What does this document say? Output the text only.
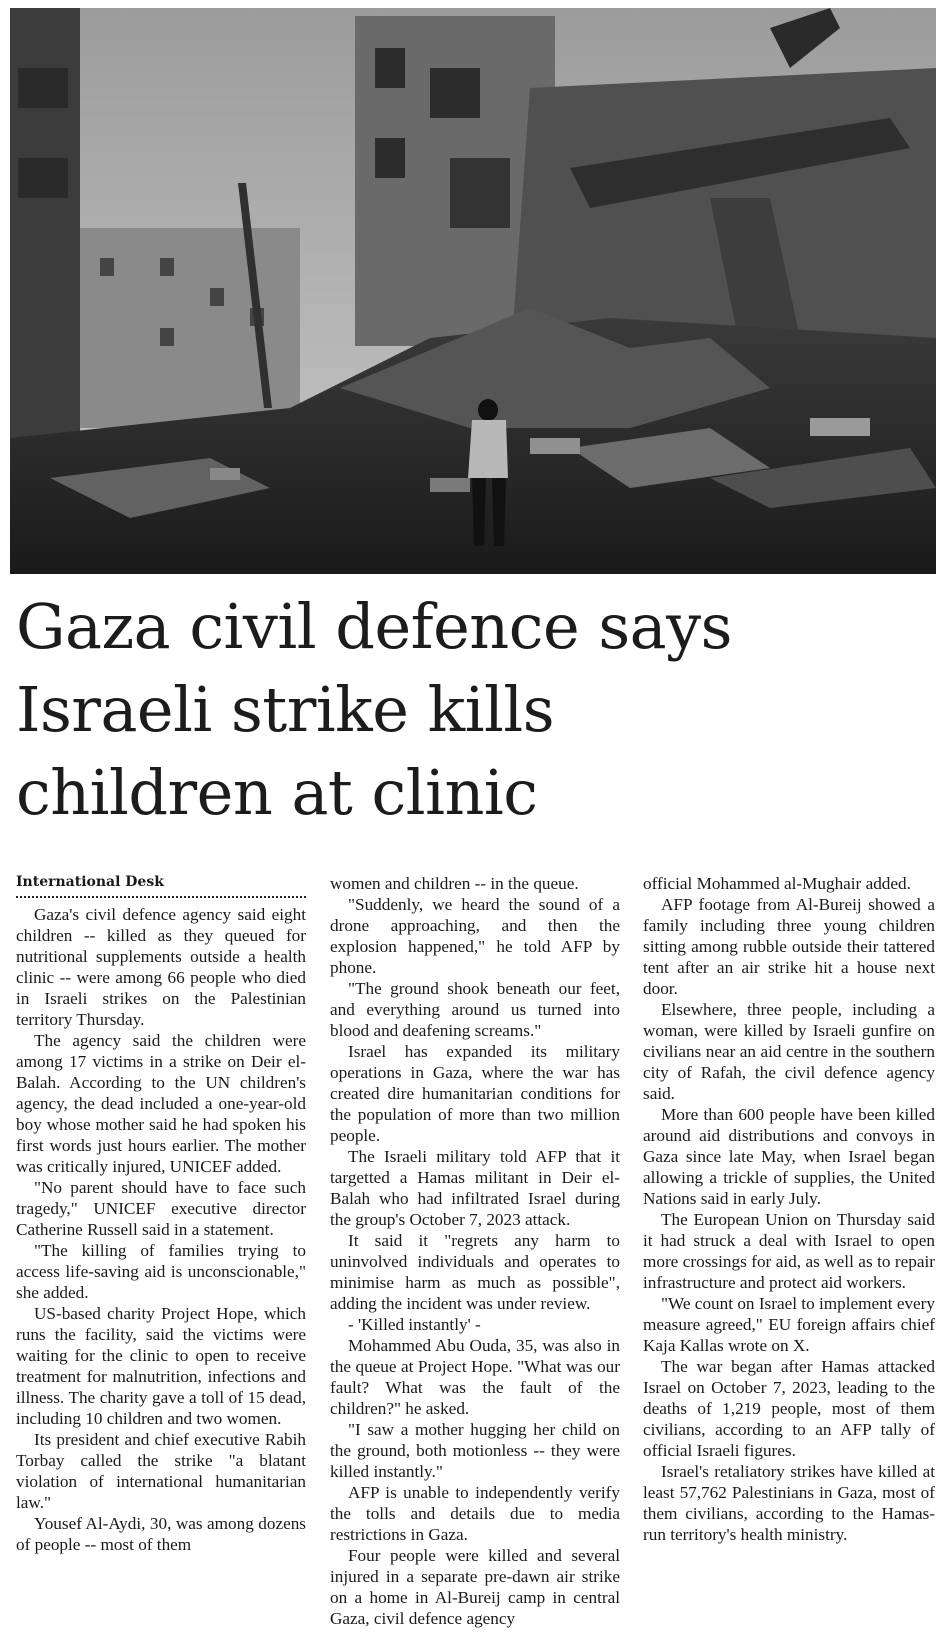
Gaza civil defence says
Israeli strike kills
children at clinic
International Desk

Gaza's civil defence agency said eight children -- killed as they queued for nutritional supplements outside a health clinic -- were among 66 people who died in Israeli strikes on the Palestinian territory Thursday.

The agency said the children were among 17 victims in a strike on Deir el-Balah. According to the UN children's agency, the dead included a one-year-old boy whose mother said he had spoken his first words just hours earlier. The mother was critically injured, UNICEF added.

"No parent should have to face such tragedy," UNICEF executive director Catherine Russell said in a statement.

"The killing of families trying to access life-saving aid is unconscionable," she added.

US-based charity Project Hope, which runs the facility, said the victims were waiting for the clinic to open to receive treatment for malnutrition, infections and illness. The charity gave a toll of 15 dead, including 10 children and two women.

Its president and chief executive Rabih Torbay called the strike "a blatant violation of international humanitarian law."

Yousef Al-Aydi, 30, was among dozens of people -- most of them

women and children -- in the queue.

"Suddenly, we heard the sound of a drone approaching, and then the explosion happened," he told AFP by phone.

"The ground shook beneath our feet, and everything around us turned into blood and deafening screams."

Israel has expanded its military operations in Gaza, where the war has created dire humanitarian conditions for the population of more than two million people.

The Israeli military told AFP that it targetted a Hamas militant in Deir el-Balah who had infiltrated Israel during the group's October 7, 2023 attack.

It said it "regrets any harm to uninvolved individuals and operates to minimise harm as much as possible", adding the incident was under review.

- 'Killed instantly' -

Mohammed Abu Ouda, 35, was also in the queue at Project Hope. "What was our fault? What was the fault of the children?" he asked.

"I saw a mother hugging her child on the ground, both motionless -- they were killed instantly."

AFP is unable to independently verify the tolls and details due to media restrictions in Gaza.

Four people were killed and several injured in a separate pre-dawn air strike on a home in Al-Bureij camp in central Gaza, civil defence agency

official Mohammed al-Mughair added.

AFP footage from Al-Bureij showed a family including three young children sitting among rubble outside their tattered tent after an air strike hit a house next door.

Elsewhere, three people, including a woman, were killed by Israeli gunfire on civilians near an aid centre in the southern city of Rafah, the civil defence agency said.

More than 600 people have been killed around aid distributions and convoys in Gaza since late May, when Israel began allowing a trickle of supplies, the United Nations said in early July.

The European Union on Thursday said it had struck a deal with Israel to open more crossings for aid, as well as to repair infrastructure and protect aid workers.

"We count on Israel to implement every measure agreed," EU foreign affairs chief Kaja Kallas wrote on X.

The war began after Hamas attacked Israel on October 7, 2023, leading to the deaths of 1,219 people, most of them civilians, according to an AFP tally of official Israeli figures.

Israel's retaliatory strikes have killed at least 57,762 Palestinians in Gaza, most of them civilians, according to the Hamas-run territory's health ministry.
